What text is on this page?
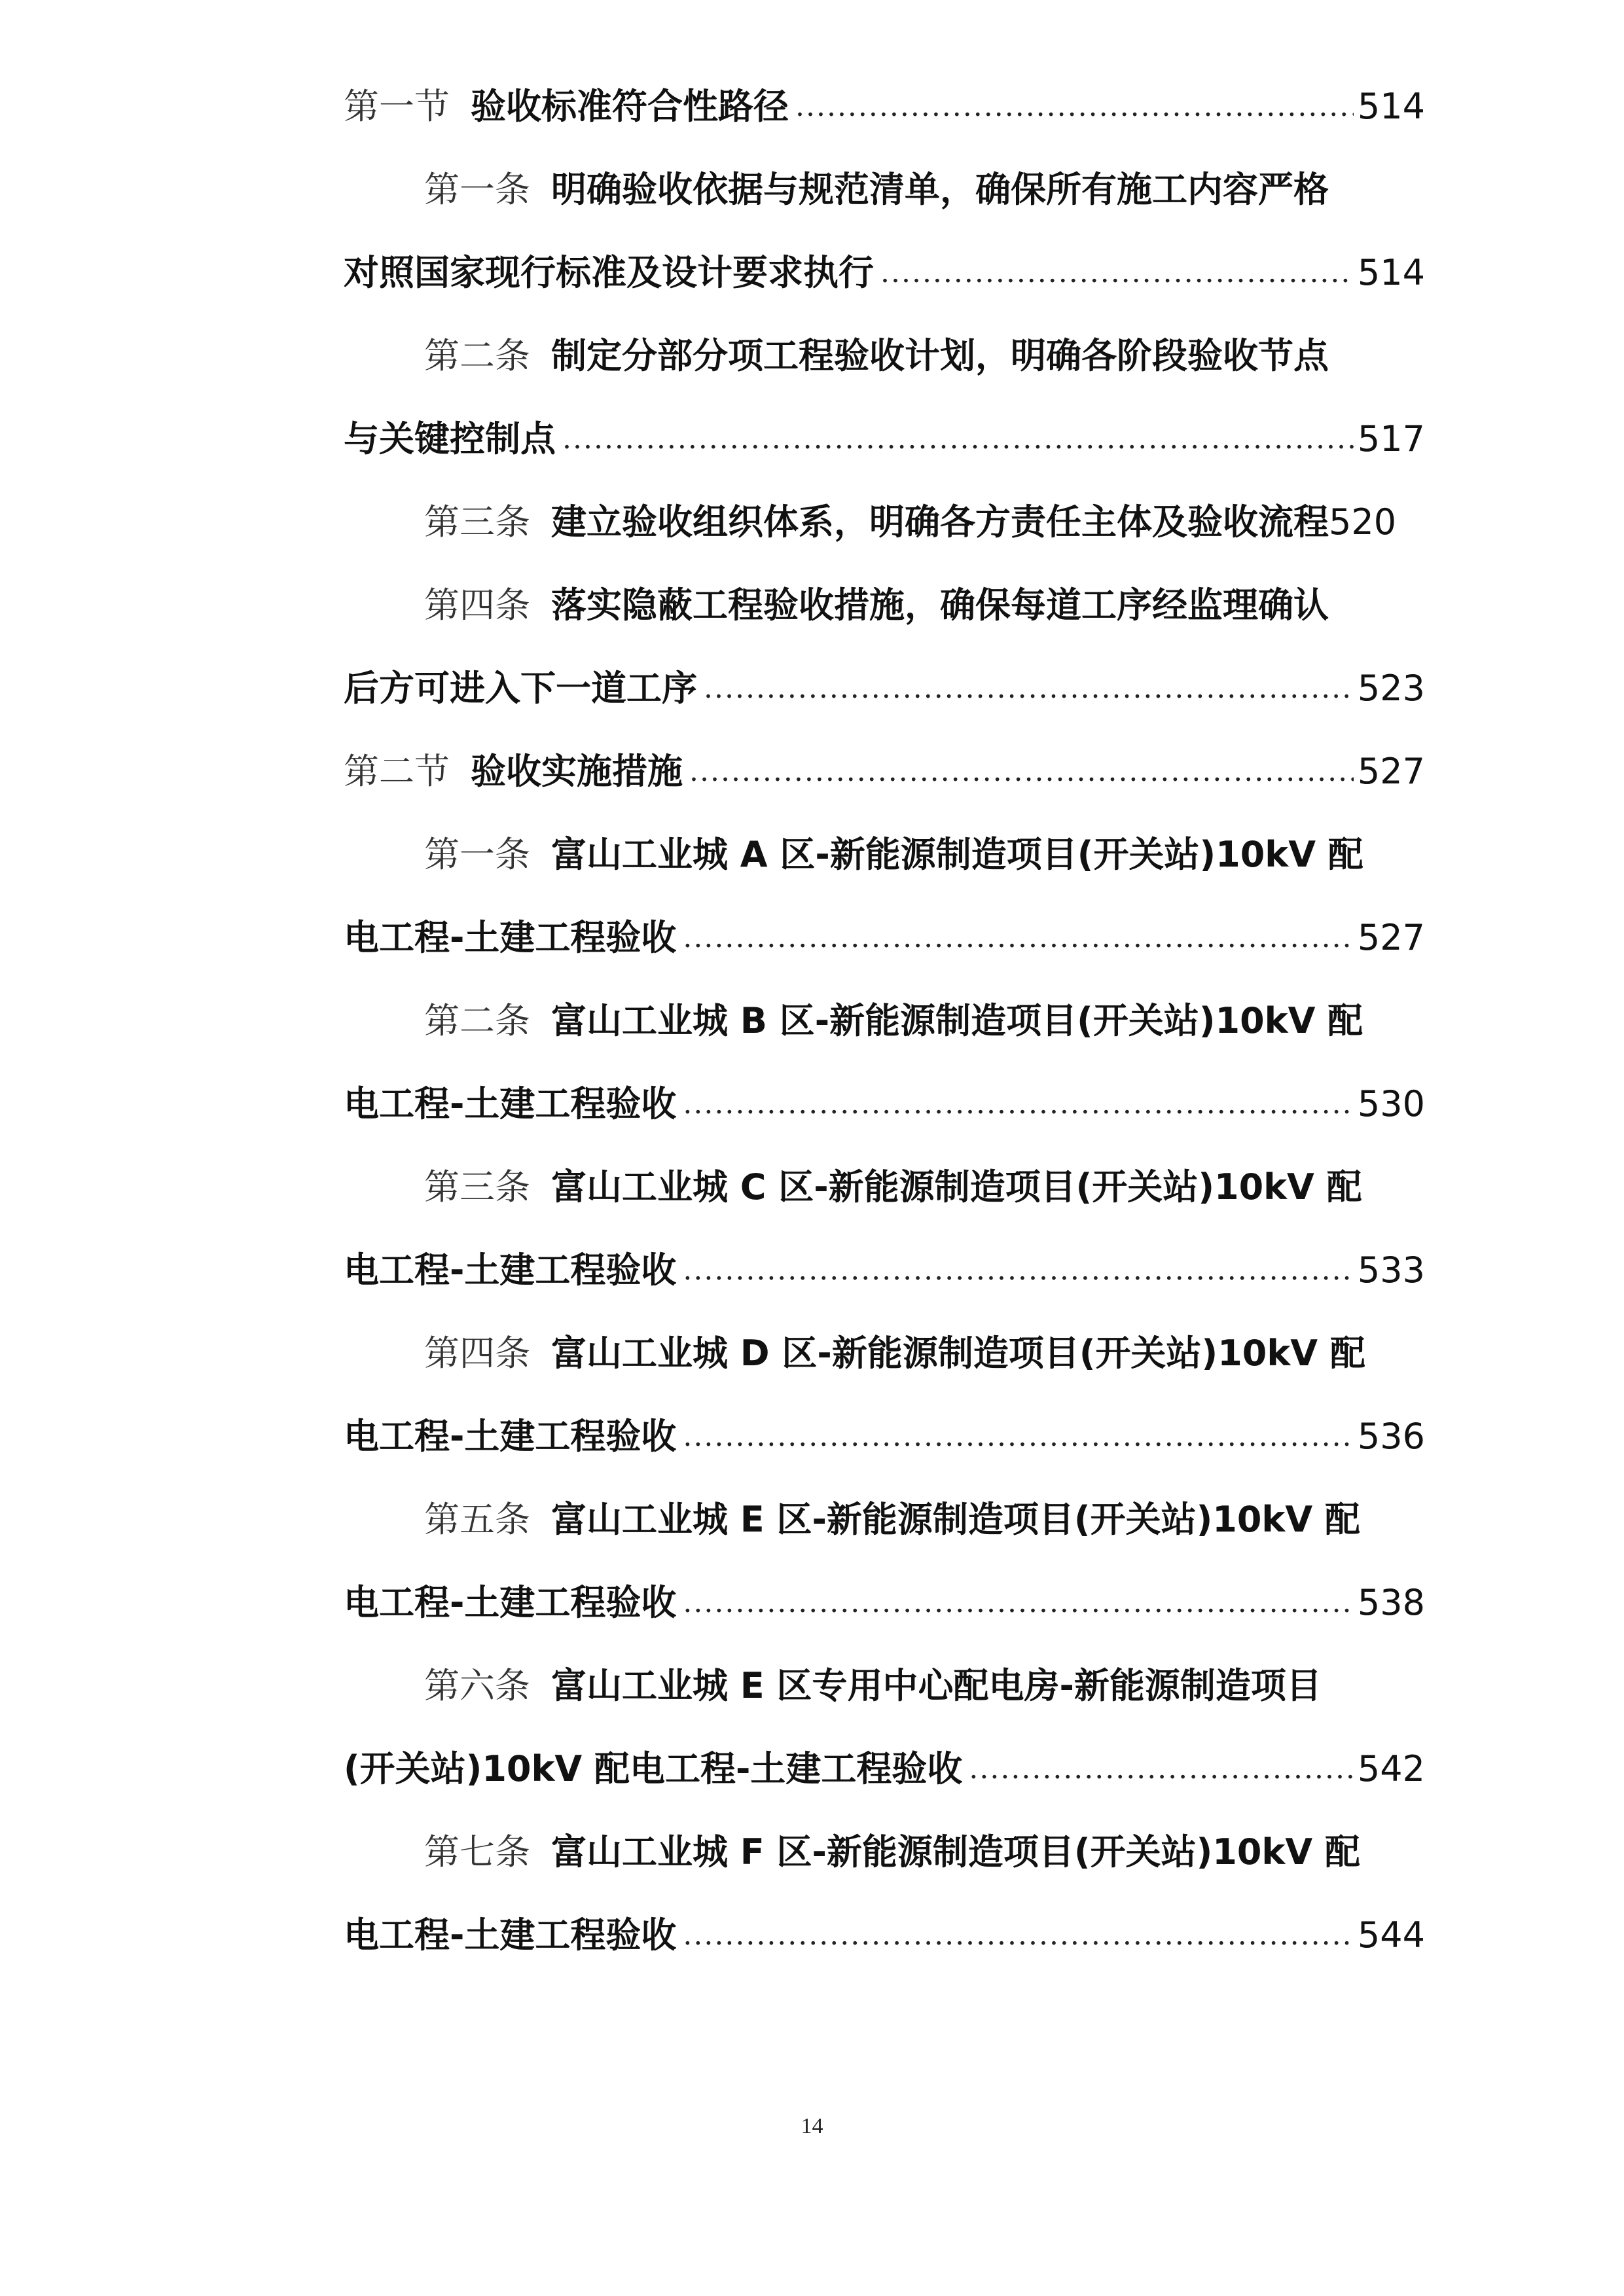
第一节 验收标准符合性路径 .....	514
第一条 明确验收依据与规范清单，确保所有施工内容严格
对照国家现行标准及设计要求执行 .....	514
第二条 制定分部分项工程验收计划，明确各阶段验收节点
与关键控制点 .....	517
第三条 建立验收组织体系，明确各方责任主体及验收流程 520
第四条 落实隐蔽工程验收措施，确保每道工序经监理确认
后方可进入下一道工序 .....	523
第二节 验收实施措施 .....	527
第一条 富山工业城 A 区-新能源制造项目(开关站)10kV 配
电工程-土建工程验收 .....	527
第二条 富山工业城 B 区-新能源制造项目(开关站)10kV 配
电工程-土建工程验收 .....	530
第三条 富山工业城 C 区-新能源制造项目(开关站)10kV 配
电工程-土建工程验收 .....	533
第四条 富山工业城 D 区-新能源制造项目(开关站)10kV 配
电工程-土建工程验收 .....	536
第五条 富山工业城 E 区-新能源制造项目(开关站)10kV 配
电工程-土建工程验收 .....	538
第六条 富山工业城 E 区专用中心配电房-新能源制造项目
(开关站)10kV 配电工程-土建工程验收 .....	542
第七条 富山工业城 F 区-新能源制造项目(开关站)10kV 配
电工程-土建工程验收 .....	544
14
